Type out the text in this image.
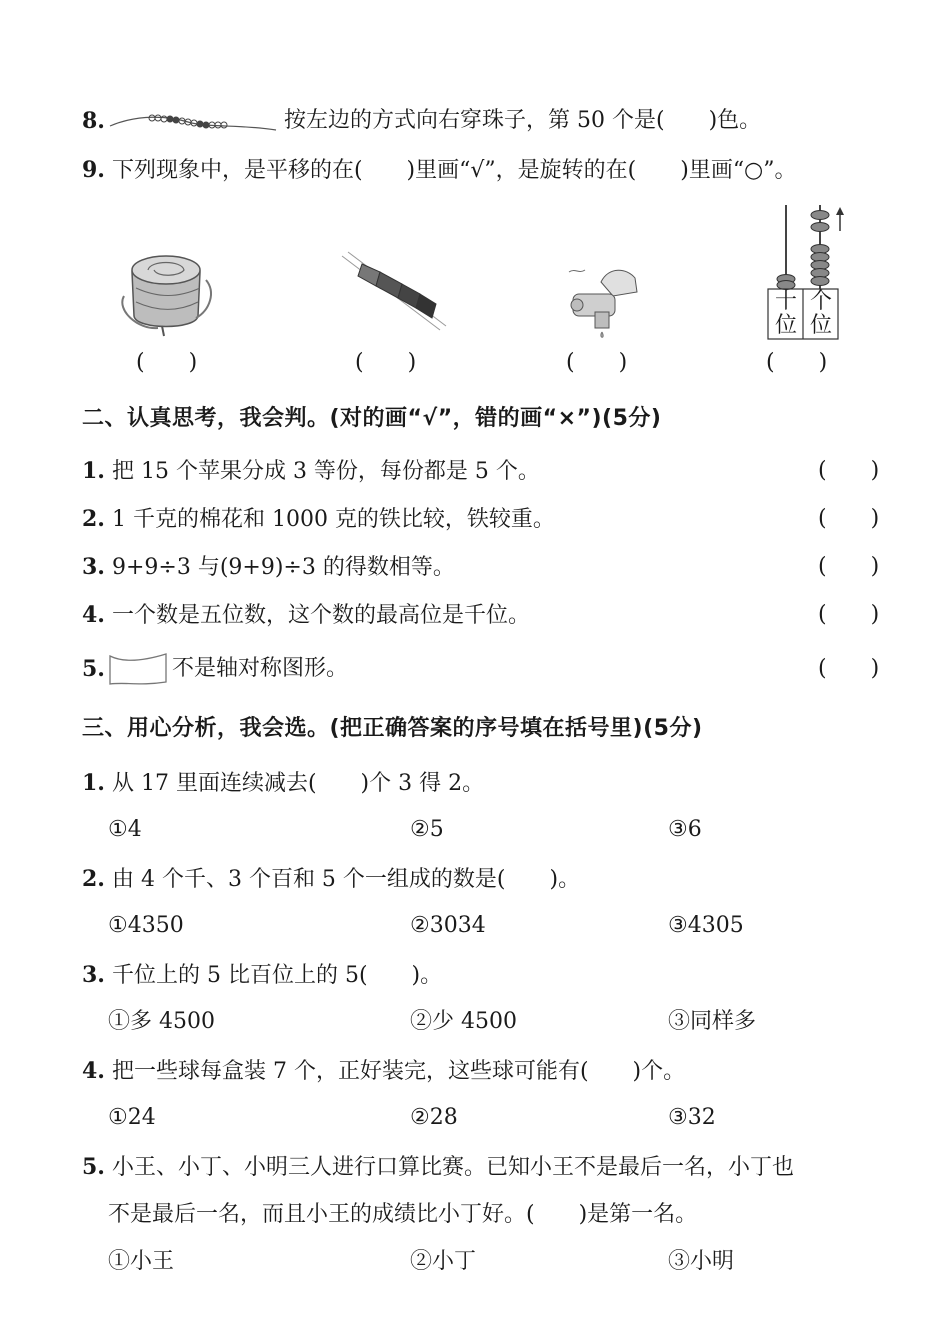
8.	按左边的方式向右穿珠子，第 50 个是(　　)色。
9. 下列现象中，是平移的在(　　)里画“√”，是旋转的在(　　)里画“○”。
十
位
个
位
(　　)	(　　)	(　　)	(　　)
二、认真思考，我会判。(对的画“√”，错的画“×”)(5分)
1. 把 15 个苹果分成 3 等份，每份都是 5 个。	(　　)
2. 1 千克的棉花和 1000 克的铁比较，铁较重。	(　　)
3. 9+9÷3 与(9+9)÷3 的得数相等。	(　　)
4. 一个数是五位数，这个数的最高位是千位。	(　　)
5.	不是轴对称图形。	(　　)
三、用心分析，我会选。(把正确答案的序号填在括号里)(5分)
1. 从 17 里面连续减去(　　)个 3 得 2。
①4	②5	③6
2. 由 4 个千、3 个百和 5 个一组成的数是(　　)。
①4350	②3034	③4305
3. 千位上的 5 比百位上的 5(　　)。
①多 4500	②少 4500	③同样多
4. 把一些球每盒装 7 个，正好装完，这些球可能有(　　)个。
①24	②28	③32
5. 小王、小丁、小明三人进行口算比赛。已知小王不是最后一名，小丁也
不是最后一名，而且小王的成绩比小丁好。(　　)是第一名。
①小王	②小丁	③小明
